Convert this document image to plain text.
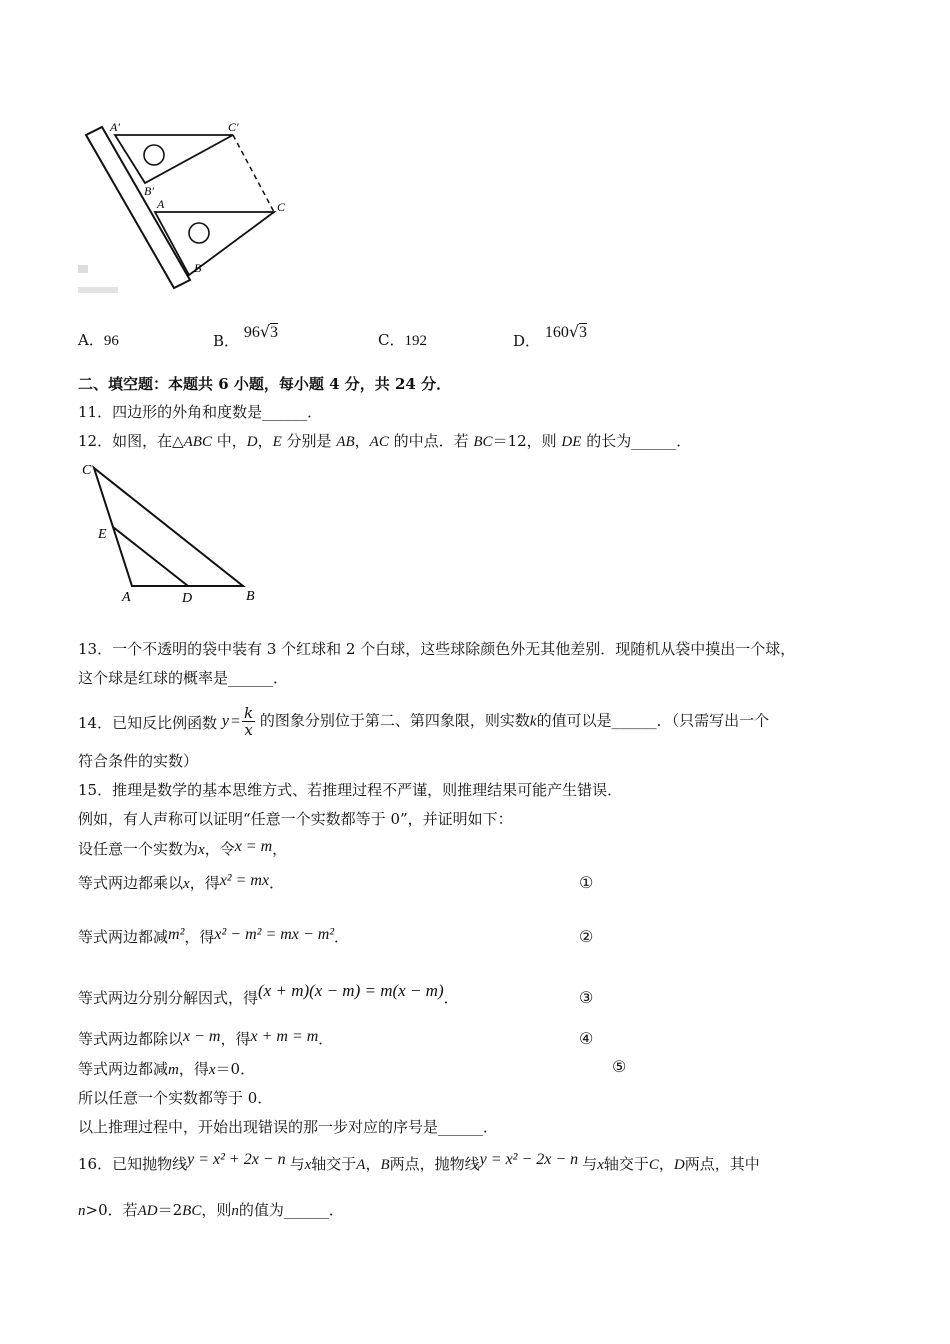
A′	C′
B′
A	C
B
A．96	B． 96√3	C．192	D． 160√3
二、填空题：本题共 6 小题，每小题 4 分，共 24 分．
11．四边形的外角和度数是______．
12．如图，在△ABC 中，D，E 分别是 AB，AC 的中点．若 BC＝12，则 DE 的长为______．
C
E
A	D	B
13．一个不透明的袋中装有 3 个红球和 2 个白球，这些球除颜色外无其他差别．现随机从袋中摸出一个球，
这个球是红球的概率是______．
14．已知反比例函数 $y = \frac{k}{x}$ 的图象分别位于第二、第四象限，则实数k的值可以是______．（只需写出一个
符合条件的实数）
15．推理是数学的基本思维方式、若推理过程不严谨，则推理结果可能产生错误．
例如，有人声称可以证明“任意一个实数都等于 0”，并证明如下：
设任意一个实数为x，令x = m，
等式两边都乘以x，得x² = mx．	①
等式两边都减m²，得x² − m² = mx − m²．	②
等式两边分别分解因式，得(x + m)(x − m) = m(x − m)．	③
等式两边都除以x − m，得x + m = m．	④
等式两边都减m，得x＝0．	⑤
所以任意一个实数都等于 0．
以上推理过程中，开始出现错误的那一步对应的序号是______．
16．已知抛物线y = x² + 2x − n 与x轴交于A，B两点，抛物线y = x² − 2x − n 与x轴交于C，D两点，其中
n>0．若AD＝2BC，则n的值为______．
